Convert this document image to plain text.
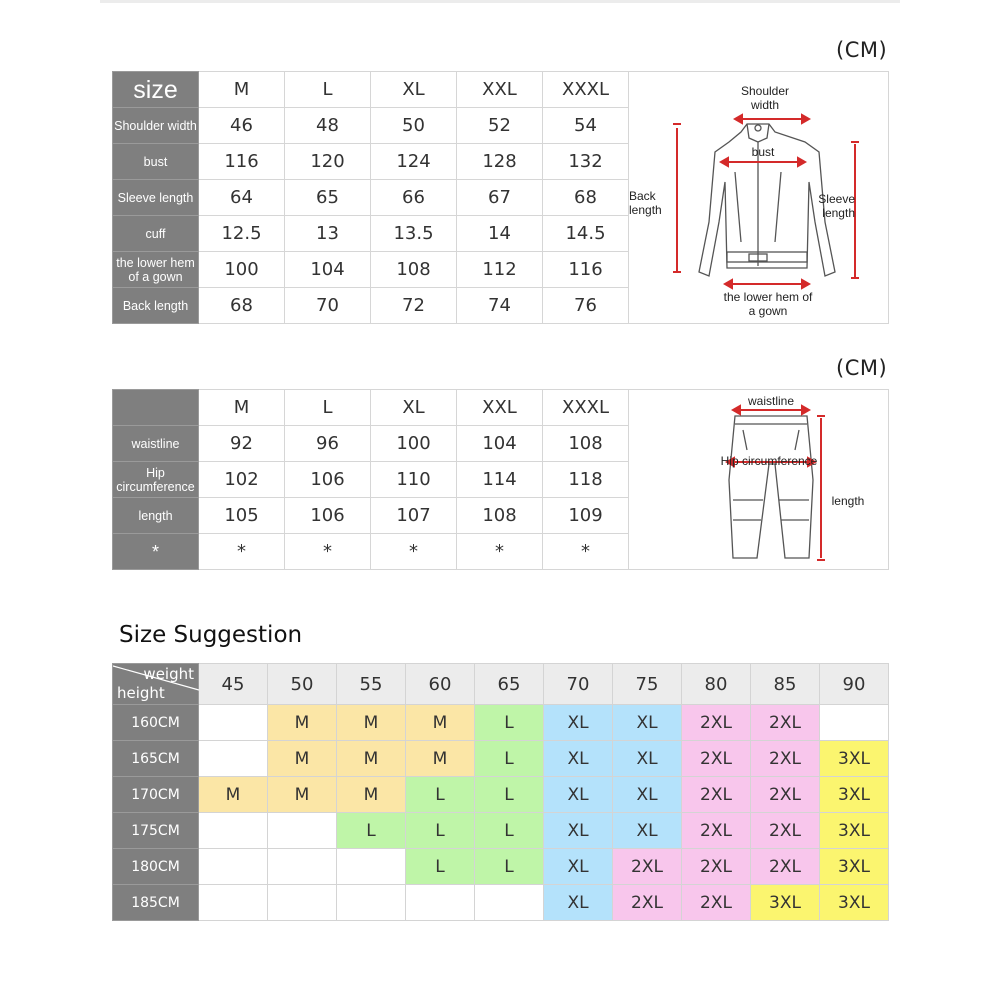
(CM)
size	M	L	XL	XXL	XXXL	Shoulder width
bust
Back length
Sleeve length
the lower hem of a gown

Shoulder width	46	48	50	52	54	
bust	116	120	124	128	132	
Sleeve length	64	65	66	67	68	
cuff	12.5	13	13.5	14	14.5	
the lower hem of a gown	100	104	108	112	116	
Back length	68	70	72	74	76	
(CM)
	M	L	XL	XXL	XXXL	waistline
Hip circumference
length

waistline	92	96	100	104	108	
Hip circumference	102	106	110	114	118	
length	105	106	107	108	109	
*	*	*	*	*	*	
Size Suggestion
weight
height	45	50	55	60	65	70	75	80	85	90
160CM		M	M	M	L	XL	XL	2XL	2XL	
165CM		M	M	M	L	XL	XL	2XL	2XL	3XL
170CM	M	M	M	L	L	XL	XL	2XL	2XL	3XL
175CM			L	L	L	XL	XL	2XL	2XL	3XL
180CM				L	L	XL	2XL	2XL	2XL	3XL
185CM						XL	2XL	2XL	3XL	3XL
